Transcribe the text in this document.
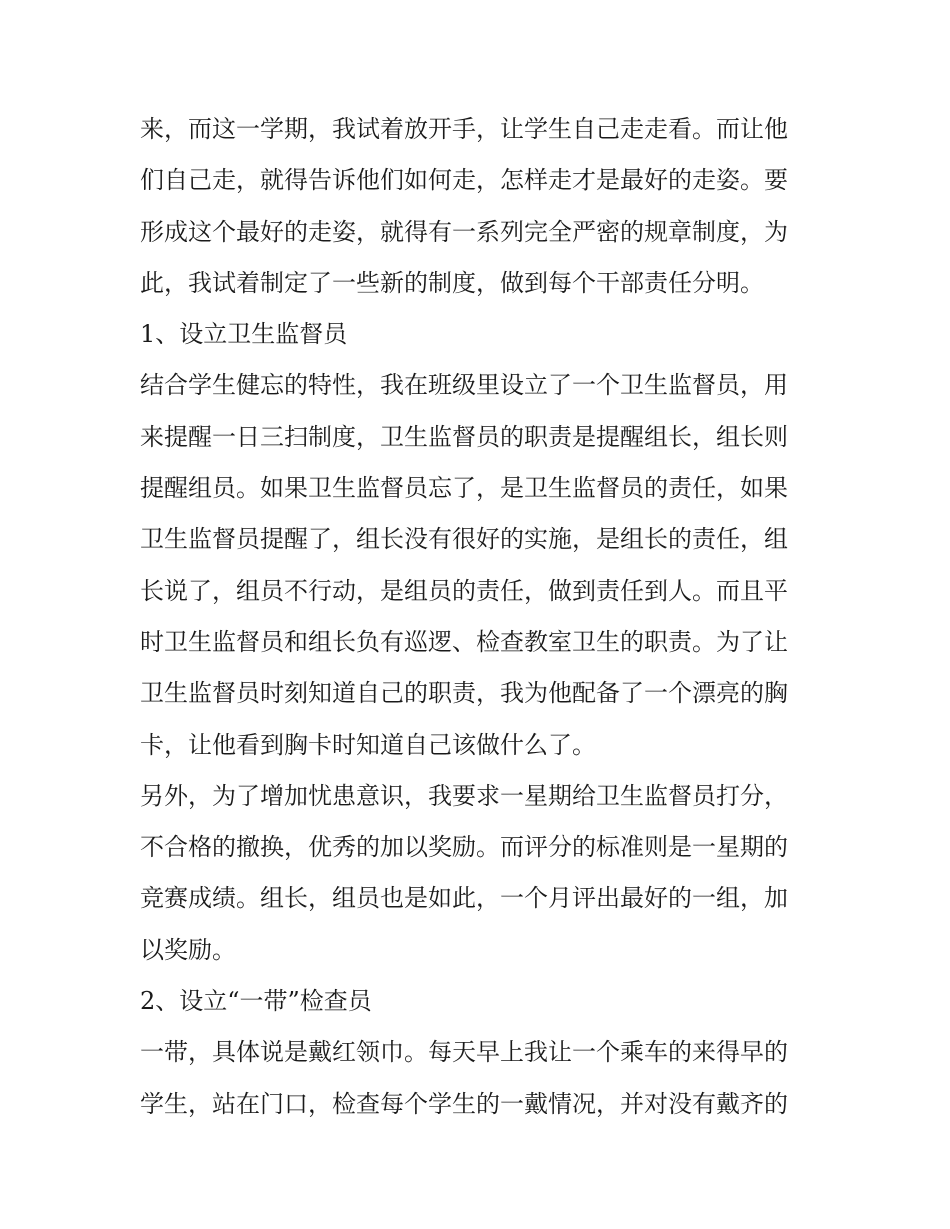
来，而这一学期，我试着放开手，让学生自己走走看。而让他
们自己走，就得告诉他们如何走，怎样走才是最好的走姿。要
形成这个最好的走姿，就得有一系列完全严密的规章制度，为
此，我试着制定了一些新的制度，做到每个干部责任分明。
1、设立卫生监督员
结合学生健忘的特性，我在班级里设立了一个卫生监督员，用
来提醒一日三扫制度，卫生监督员的职责是提醒组长，组长则
提醒组员。如果卫生监督员忘了，是卫生监督员的责任，如果
卫生监督员提醒了，组长没有很好的实施，是组长的责任，组
长说了，组员不行动，是组员的责任，做到责任到人。而且平
时卫生监督员和组长负有巡逻、检查教室卫生的职责。为了让
卫生监督员时刻知道自己的职责，我为他配备了一个漂亮的胸
卡，让他看到胸卡时知道自己该做什么了。
另外，为了增加忧患意识，我要求一星期给卫生监督员打分，
不合格的撤换，优秀的加以奖励。而评分的标准则是一星期的
竞赛成绩。组长，组员也是如此，一个月评出最好的一组，加
以奖励。
2、设立“一带”检查员
一带，具体说是戴红领巾。每天早上我让一个乘车的来得早的
学生，站在门口，检查每个学生的一戴情况，并对没有戴齐的
